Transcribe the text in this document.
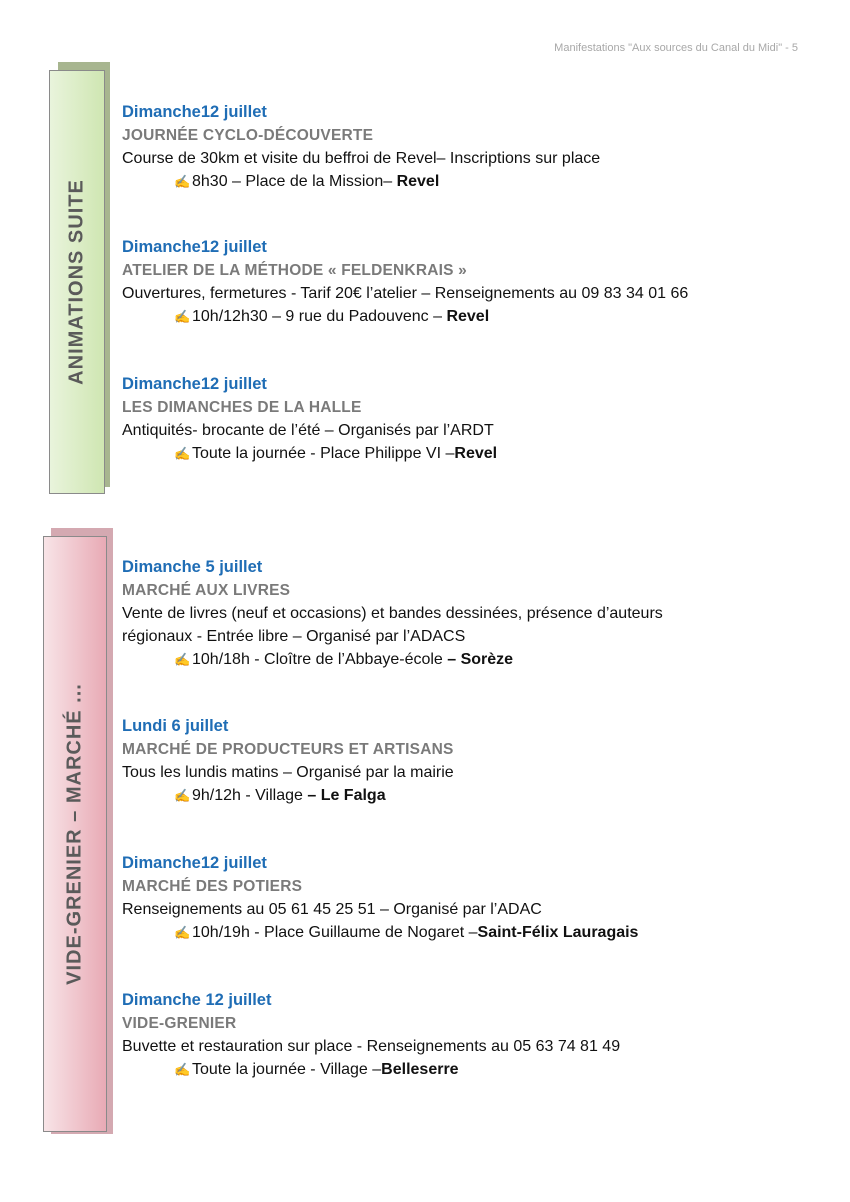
Manifestations "Aux sources du Canal du Midi" - 5
ANIMATIONS SUITE
VIDE-GRENIER – MARCHÉ ...
Dimanche12 juillet
JOURNÉE CYCLO-DÉCOUVERTE
Course de 30km et visite du beffroi de Revel– Inscriptions sur place
✍ 8h30 – Place de la Mission– Revel
Dimanche12 juillet
ATELIER DE LA MÉTHODE « FELDENKRAIS »
Ouvertures, fermetures - Tarif 20€ l’atelier – Renseignements au 09 83 34 01 66
✍ 10h/12h30 – 9 rue du Padouvenc – Revel
Dimanche12 juillet
LES DIMANCHES DE LA HALLE
Antiquités- brocante de l’été – Organisés par l’ARDT
✍ Toute la journée - Place Philippe VI –Revel
Dimanche 5 juillet
MARCHÉ AUX LIVRES
Vente de livres (neuf et occasions) et bandes dessinées, présence d’auteurs
régionaux - Entrée libre – Organisé par l’ADACS
✍ 10h/18h - Cloître de l’Abbaye-école – Sorèze
Lundi 6 juillet
MARCHÉ DE PRODUCTEURS ET ARTISANS
Tous les lundis matins – Organisé par la mairie
✍ 9h/12h - Village – Le Falga
Dimanche12 juillet
MARCHÉ DES POTIERS
Renseignements au 05 61 45 25 51 – Organisé par l’ADAC
✍ 10h/19h - Place Guillaume de Nogaret –Saint-Félix Lauragais
Dimanche 12 juillet
VIDE-GRENIER
Buvette et restauration sur place - Renseignements au 05 63 74 81 49
✍ Toute la journée - Village –Belleserre
